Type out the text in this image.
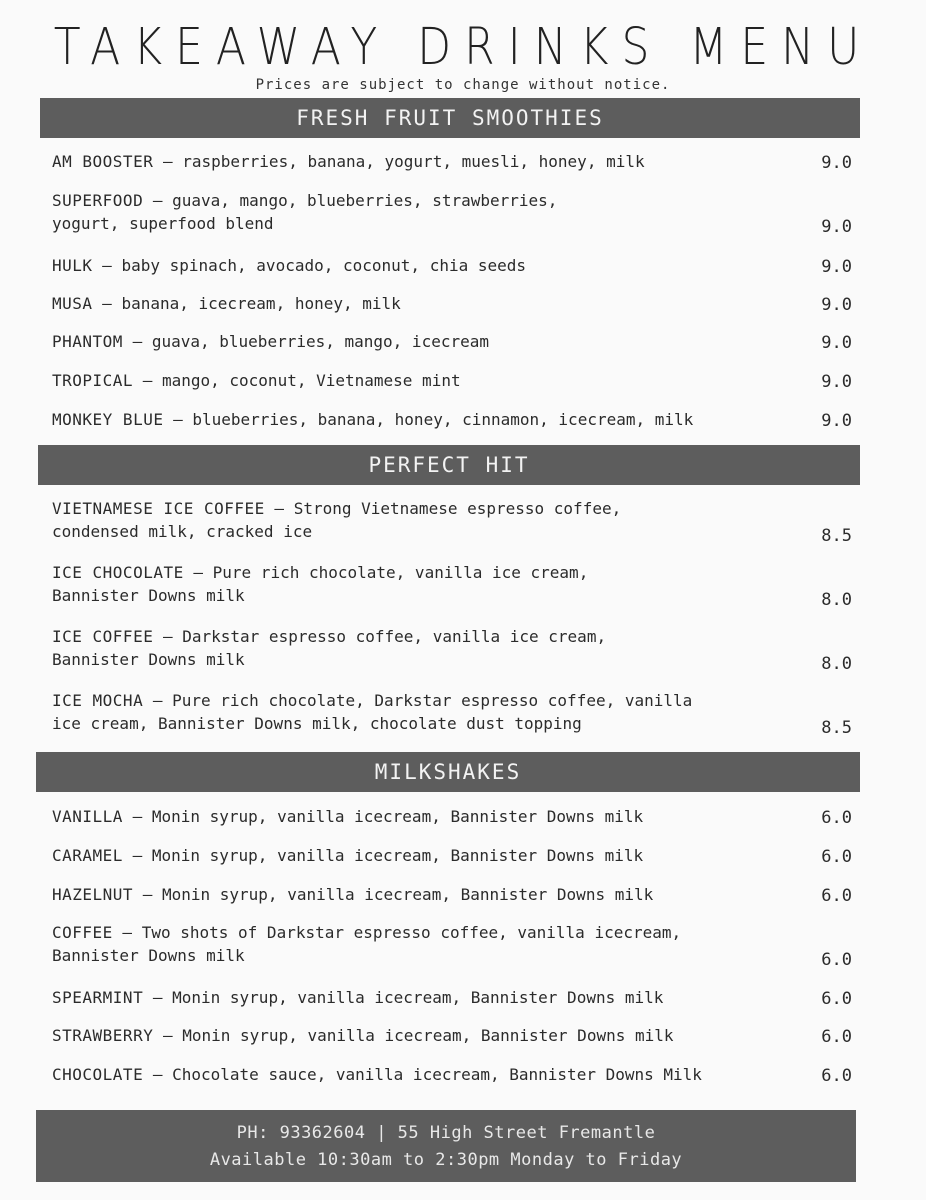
TAKEAWAY DRINKS MENU
Prices are subject to change without notice.
FRESH FRUIT SMOOTHIES
AM BOOSTER – raspberries, banana, yogurt, muesli, honey, milk	9.0
SUPERFOOD – guava, mango, blueberries, strawberries, yogurt, superfood blend	9.0
HULK – baby spinach, avocado, coconut, chia seeds	9.0
MUSA – banana, icecream, honey, milk	9.0
PHANTOM – guava, blueberries, mango, icecream	9.0
TROPICAL – mango, coconut, Vietnamese mint	9.0
MONKEY BLUE – blueberries, banana, honey, cinnamon, icecream, milk	9.0
PERFECT HIT
VIETNAMESE ICE COFFEE – Strong Vietnamese espresso coffee, condensed milk, cracked ice	8.5
ICE CHOCOLATE – Pure rich chocolate, vanilla ice cream, Bannister Downs milk	8.0
ICE COFFEE – Darkstar espresso coffee, vanilla ice cream, Bannister Downs milk	8.0
ICE MOCHA – Pure rich chocolate, Darkstar espresso coffee, vanilla ice cream, Bannister Downs milk, chocolate dust topping	8.5
MILKSHAKES
VANILLA – Monin syrup, vanilla icecream, Bannister Downs milk	6.0
CARAMEL – Monin syrup, vanilla icecream, Bannister Downs milk	6.0
HAZELNUT – Monin syrup, vanilla icecream, Bannister Downs milk	6.0
COFFEE – Two shots of Darkstar espresso coffee, vanilla icecream, Bannister Downs milk	6.0
SPEARMINT – Monin syrup, vanilla icecream, Bannister Downs milk	6.0
STRAWBERRY – Monin syrup, vanilla icecream, Bannister Downs milk	6.0
CHOCOLATE – Chocolate sauce, vanilla icecream, Bannister Downs Milk	6.0
PH: 93362604 | 55 High Street Fremantle
Available 10:30am to 2:30pm Monday to Friday
